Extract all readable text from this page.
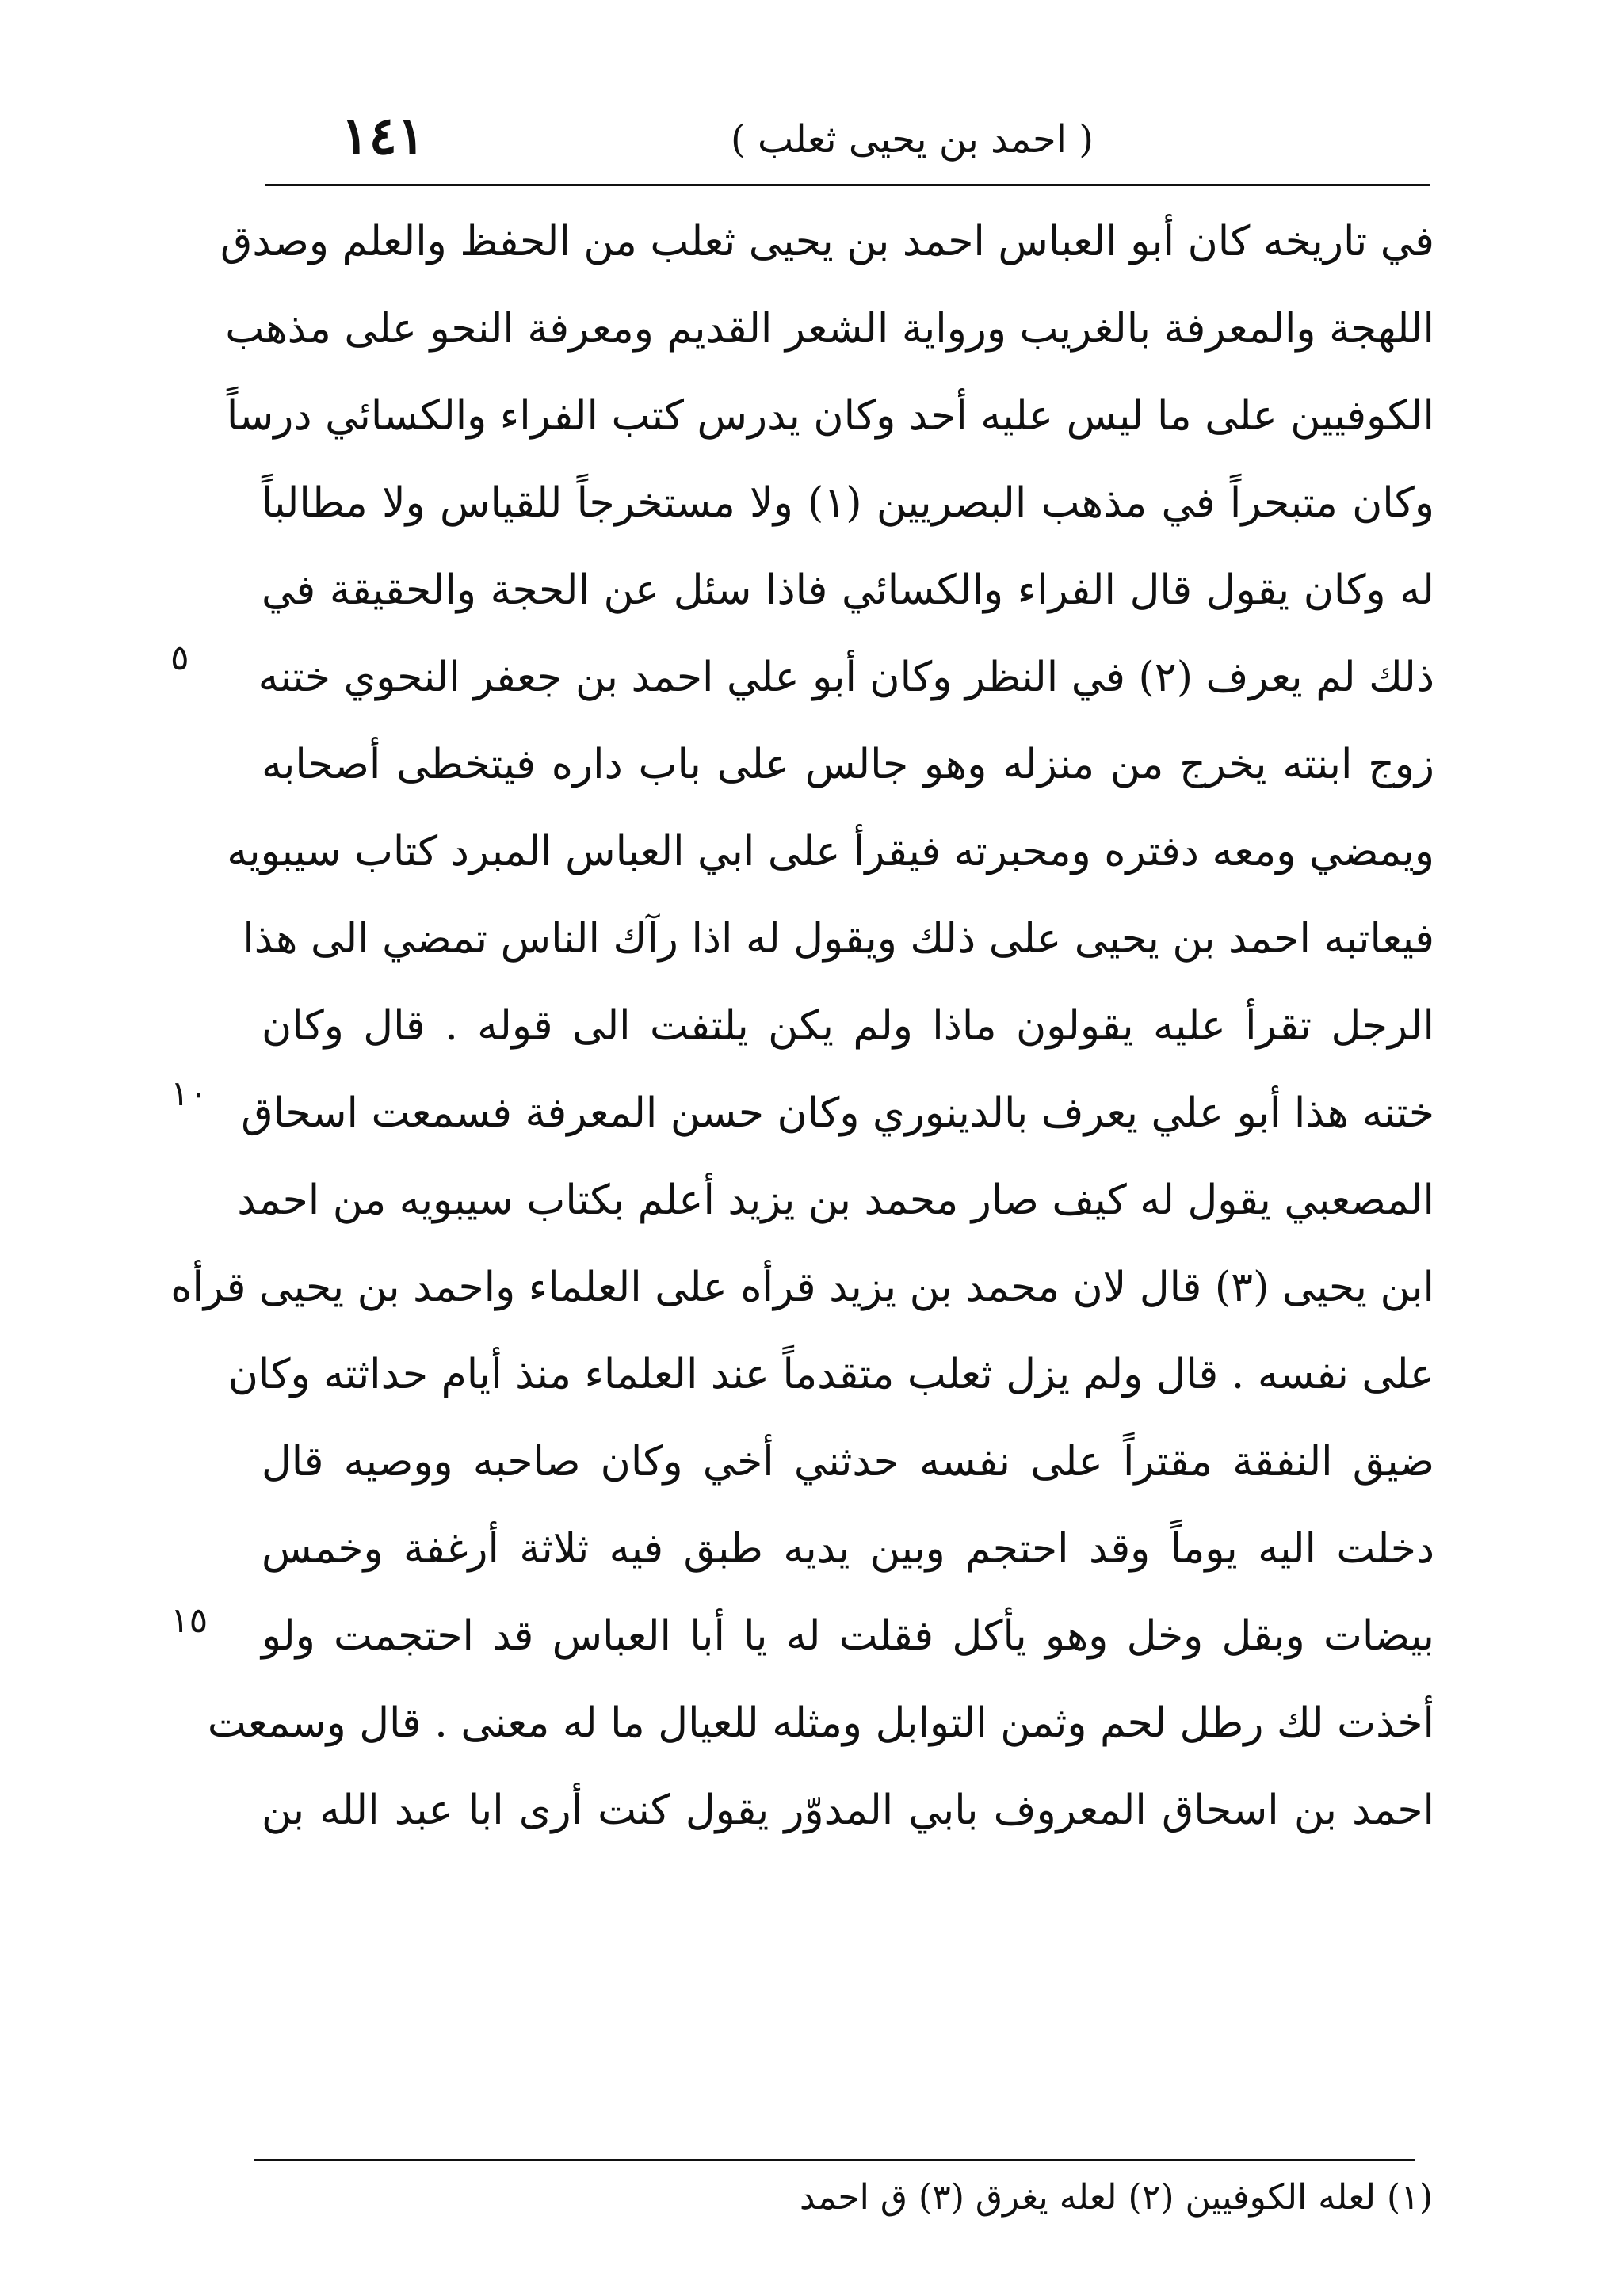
( احمد بن يحيى ثعلب )
١٤١
في تاريخه كان أبو العباس احمد بن يحيى ثعلب من الحفظ والعلم وصدق
اللهجة والمعرفة بالغريب ورواية الشعر القديم ومعرفة النحو على مذهب
الكوفيين على ما ليس عليه أحد وكان يدرس كتب الفراء والكسائي درساً
وكان متبحراً في مذهب البصريين (١) ولا مستخرجاً للقياس ولا مطالباً
له وكان يقول قال الفراء والكسائي فاذا سئل عن الحجة والحقيقة في
ذلك لم يعرف (٢) في النظر وكان أبو علي احمد بن جعفر النحوي ختنه
زوج ابنته يخرج من منزله وهو جالس على باب داره فيتخطى أصحابه
ويمضي ومعه دفتره ومحبرته فيقرأ على ابي العباس المبرد كتاب سيبويه
فيعاتبه احمد بن يحيى على ذلك ويقول له اذا رآك الناس تمضي الى هذا
الرجل تقرأ عليه يقولون ماذا ولم يكن يلتفت الى قوله . قال وكان
ختنه هذا أبو علي يعرف بالدينوري وكان حسن المعرفة فسمعت اسحاق
المصعبي يقول له كيف صار محمد بن يزيد أعلم بكتاب سيبويه من احمد
ابن يحيى (٣) قال لان محمد بن يزيد قرأه على العلماء واحمد بن يحيى قرأه
على نفسه . قال ولم يزل ثعلب متقدماً عند العلماء منذ أيام حداثته وكان
ضيق النفقة مقتراً على نفسه حدثني أخي وكان صاحبه ووصيه قال
دخلت اليه يوماً وقد احتجم وبين يديه طبق فيه ثلاثة أرغفة وخمس
بيضات وبقل وخل وهو يأكل فقلت له يا أبا العباس قد احتجمت ولو
أخذت لك رطل لحم وثمن التوابل ومثله للعيال ما له معنى . قال وسمعت
احمد بن اسحاق المعروف بابي المدوّر يقول كنت أرى ابا عبد الله بن
٥
١٠
١٥
(١) لعله الكوفيين (٢) لعله يغرق (٣) ق احمد
